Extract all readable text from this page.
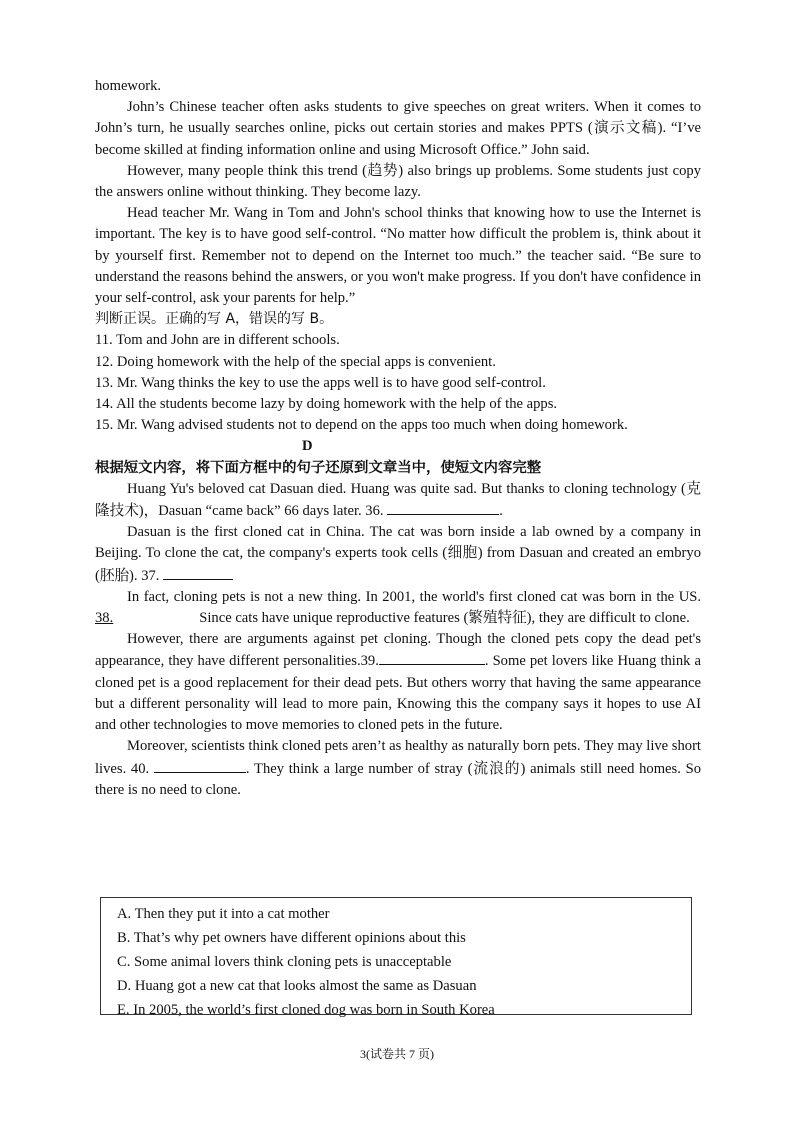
homework.

John’s Chinese teacher often asks students to give speeches on great writers. When it comes to John’s turn, he usually searches online, picks out certain stories and makes PPTS (演示文稿). “I’ve become skilled at finding information online and using Microsoft Office.” John said.

However, many people think this trend (趋势) also brings up problems. Some students just copy the answers online without thinking. They become lazy.

Head teacher Mr. Wang in Tom and John's school thinks that knowing how to use the Internet is important. The key is to have good self-control. “No matter how difficult the problem is, think about it by yourself first. Remember not to depend on the Internet too much.” the teacher said. “Be sure to understand the reasons behind the answers, or you won't make progress. If you don't have confidence in your self-control, ask your parents for help.”

判断正误。正确的写 A，错误的写 B。

11. Tom and John are in different schools.

12. Doing homework with the help of the special apps is convenient.

13. Mr. Wang thinks the key to use the apps well is to have good self-control.

14. All the students become lazy by doing homework with the help of the apps.

15. Mr. Wang advised students not to depend on the apps too much when doing homework.

D

根据短文内容，将下面方框中的句子还原到文章当中，使短文内容完整

Huang Yu's beloved cat Dasuan died. Huang was quite sad. But thanks to cloning technology (克隆技术)，Dasuan “came back” 66 days later. 36.	.

Dasuan is the first cloned cat in China. The cat was born inside a lab owned by a company in Beijing. To clone the cat, the company's experts took cells (细胞) from Dasuan and created an embryo (胚胎). 37.

In fact, cloning pets is not a new thing. In 2001, the world's first cloned cat was born in the US. 38.	Since cats have unique reproductive features (繁殖特征), they are difficult to clone.

However, there are arguments against pet cloning. Though the cloned pets copy the dead pet's appearance, they have different personalities.39.	. Some pet lovers like Huang think a cloned pet is a good replacement for their dead pets. But others worry that having the same appearance but a different personality will lead to more pain, Knowing this the company says it hopes to use AI and other technologies to move memories to cloned pets in the future.

Moreover, scientists think cloned pets aren’t as healthy as naturally born pets. They may live short lives. 40.	. They think a large number of stray (流浪的) animals still need homes. So there is no need to clone.

A. Then they put it into a cat mother

B. That’s why pet owners have different opinions about this

C. Some animal lovers think cloning pets is unacceptable

D. Huang got a new cat that looks almost the same as Dasuan

E. In 2005, the world’s first cloned dog was born in South Korea

3(试卷共 7 页)
